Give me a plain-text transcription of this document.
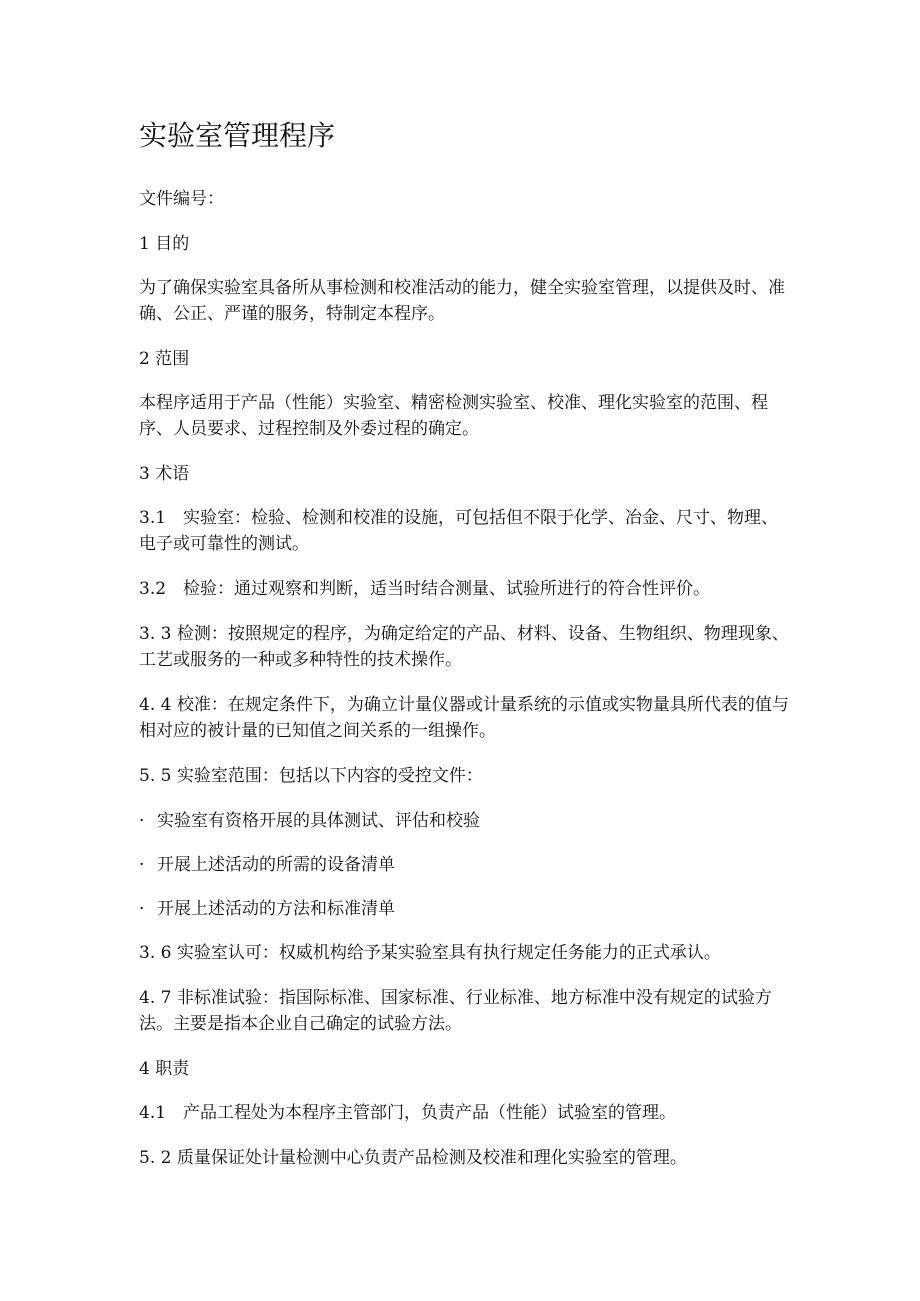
实验室管理程序
文件编号：
1 目的
为了确保实验室具备所从事检测和校准活动的能力，健全实验室管理，以提供及时、准确、公正、严谨的服务，特制定本程序。
2 范围
本程序适用于产品（性能）实验室、精密检测实验室、校准、理化实验室的范围、程序、人员要求、过程控制及外委过程的确定。
3 术语
3.1　实验室：检验、检测和校准的设施，可包括但不限于化学、冶金、尺寸、物理、电子或可靠性的测试。
3.2　检验：通过观察和判断，适当时结合测量、试验所进行的符合性评价。
3. 3 检测：按照规定的程序，为确定给定的产品、材料、设备、生物组织、物理现象、工艺或服务的一种或多种特性的技术操作。
4. 4 校准：在规定条件下，为确立计量仪器或计量系统的示值或实物量具所代表的值与相对应的被计量的已知值之间关系的一组操作。
5. 5 实验室范围：包括以下内容的受控文件：
· 实验室有资格开展的具体测试、评估和校验
· 开展上述活动的所需的设备清单
· 开展上述活动的方法和标准清单
3. 6 实验室认可：权威机构给予某实验室具有执行规定任务能力的正式承认。
4. 7 非标准试验：指国际标准、国家标准、行业标准、地方标准中没有规定的试验方法。主要是指本企业自己确定的试验方法。
4 职责
4.1　产品工程处为本程序主管部门，负责产品（性能）试验室的管理。
5. 2 质量保证处计量检测中心负责产品检测及校准和理化实验室的管理。
